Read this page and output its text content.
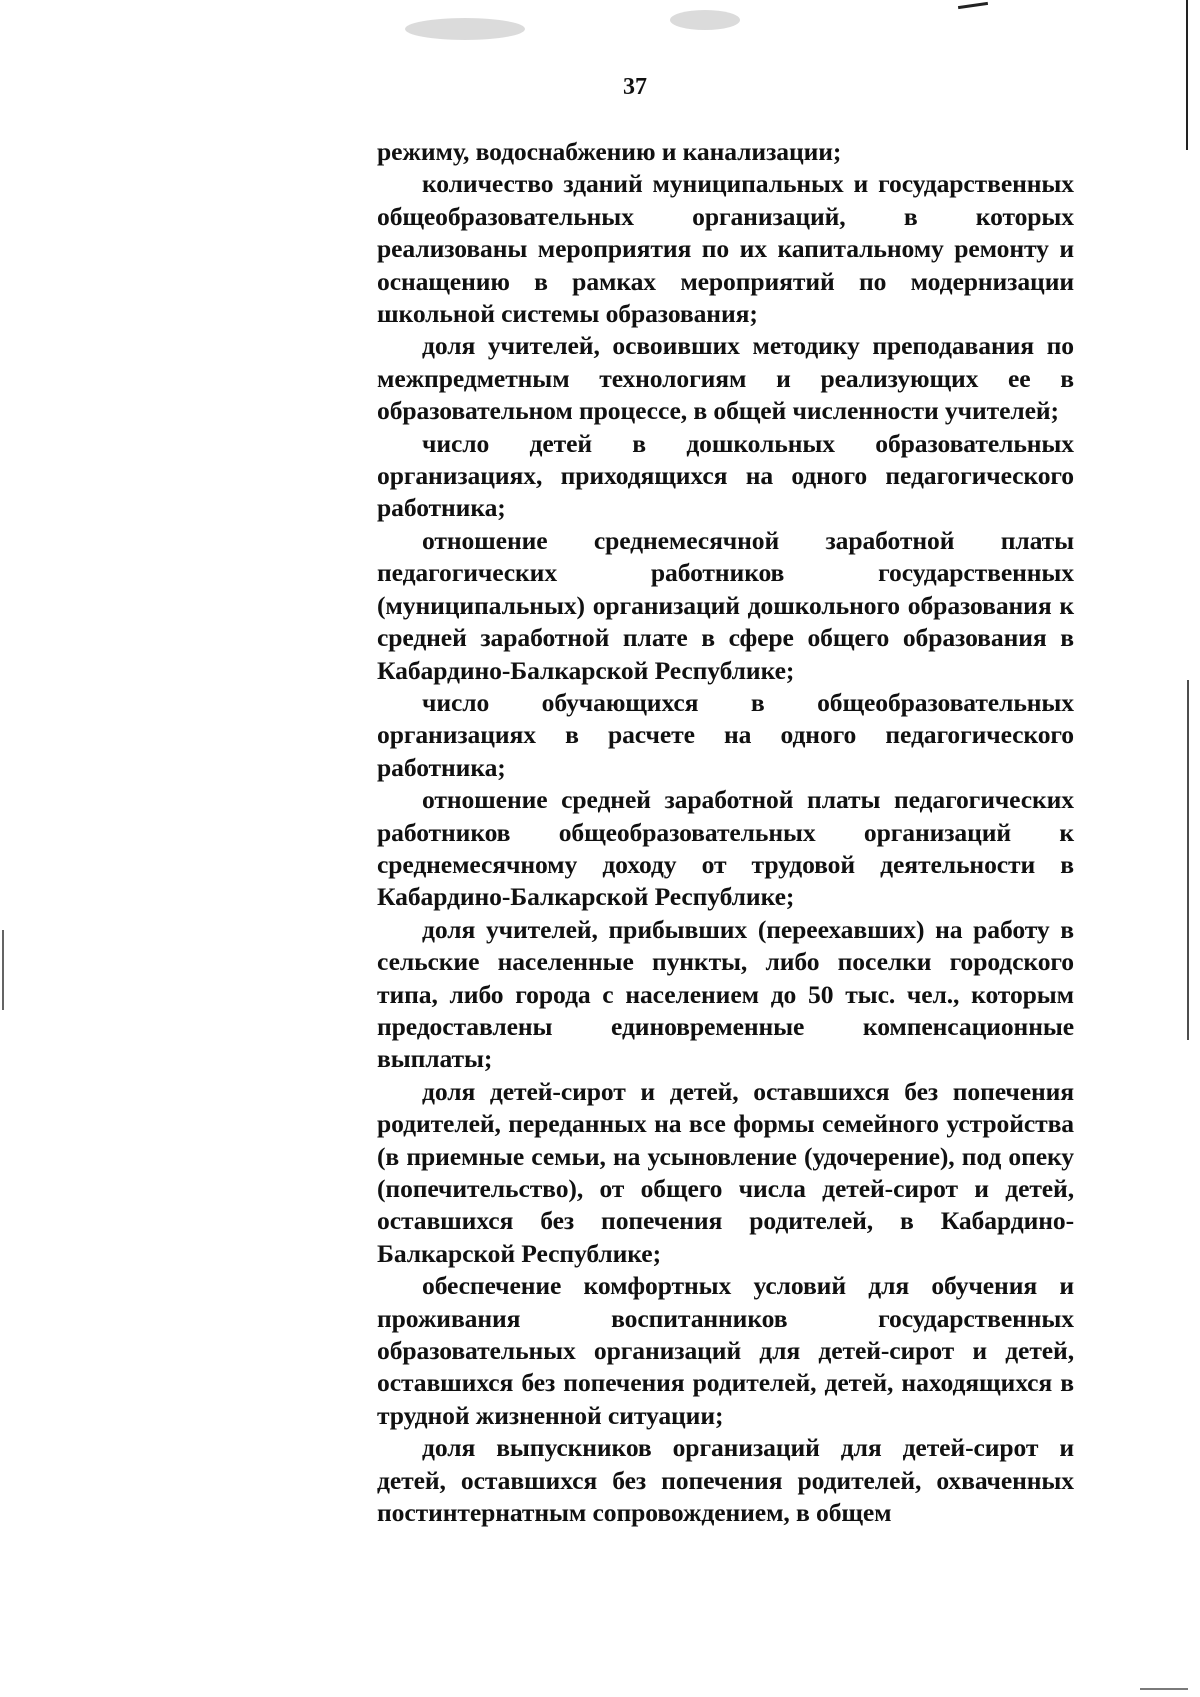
37

режиму, водоснабжению и канализации;

количество зданий муниципальных и государственных общеобразовательных организаций, в которых реализованы мероприятия по их капитальному ремонту и оснащению в рамках мероприятий по модернизации школьной системы образования;

доля учителей, освоивших методику преподавания по межпредметным технологиям и реализующих ее в образовательном процессе, в общей численности учителей;

число детей в дошкольных образовательных организациях, приходящихся на одного педагогического работника;

отношение среднемесячной заработной платы педагогических работников государственных (муниципальных) организаций дошкольного образования к средней заработной плате в сфере общего образования в Кабардино-Балкарской Республике;

число обучающихся в общеобразовательных организациях в расчете на одного педагогического работника;

отношение средней заработной платы педагогических работников общеобразовательных организаций к среднемесячному доходу от трудовой деятельности в Кабардино-Балкарской Республике;

доля учителей, прибывших (переехавших) на работу в сельские населенные пункты, либо поселки городского типа, либо города с населением до 50 тыс. чел., которым предоставлены единовременные компенсационные выплаты;

доля детей-сирот и детей, оставшихся без попечения родителей, переданных на все формы семейного устройства (в приемные семьи, на усыновление (удочерение), под опеку (попечительство), от общего числа детей-сирот и детей, оставшихся без попечения родителей, в Кабардино-Балкарской Республике;

обеспечение комфортных условий для обучения и проживания воспитанников государственных образовательных организаций для детей-сирот и детей, оставшихся без попечения родителей, детей, находящихся в трудной жизненной ситуации;

доля выпускников организаций для детей-сирот и детей, оставшихся без попечения родителей, охваченных постинтернатным сопровождением, в общем
